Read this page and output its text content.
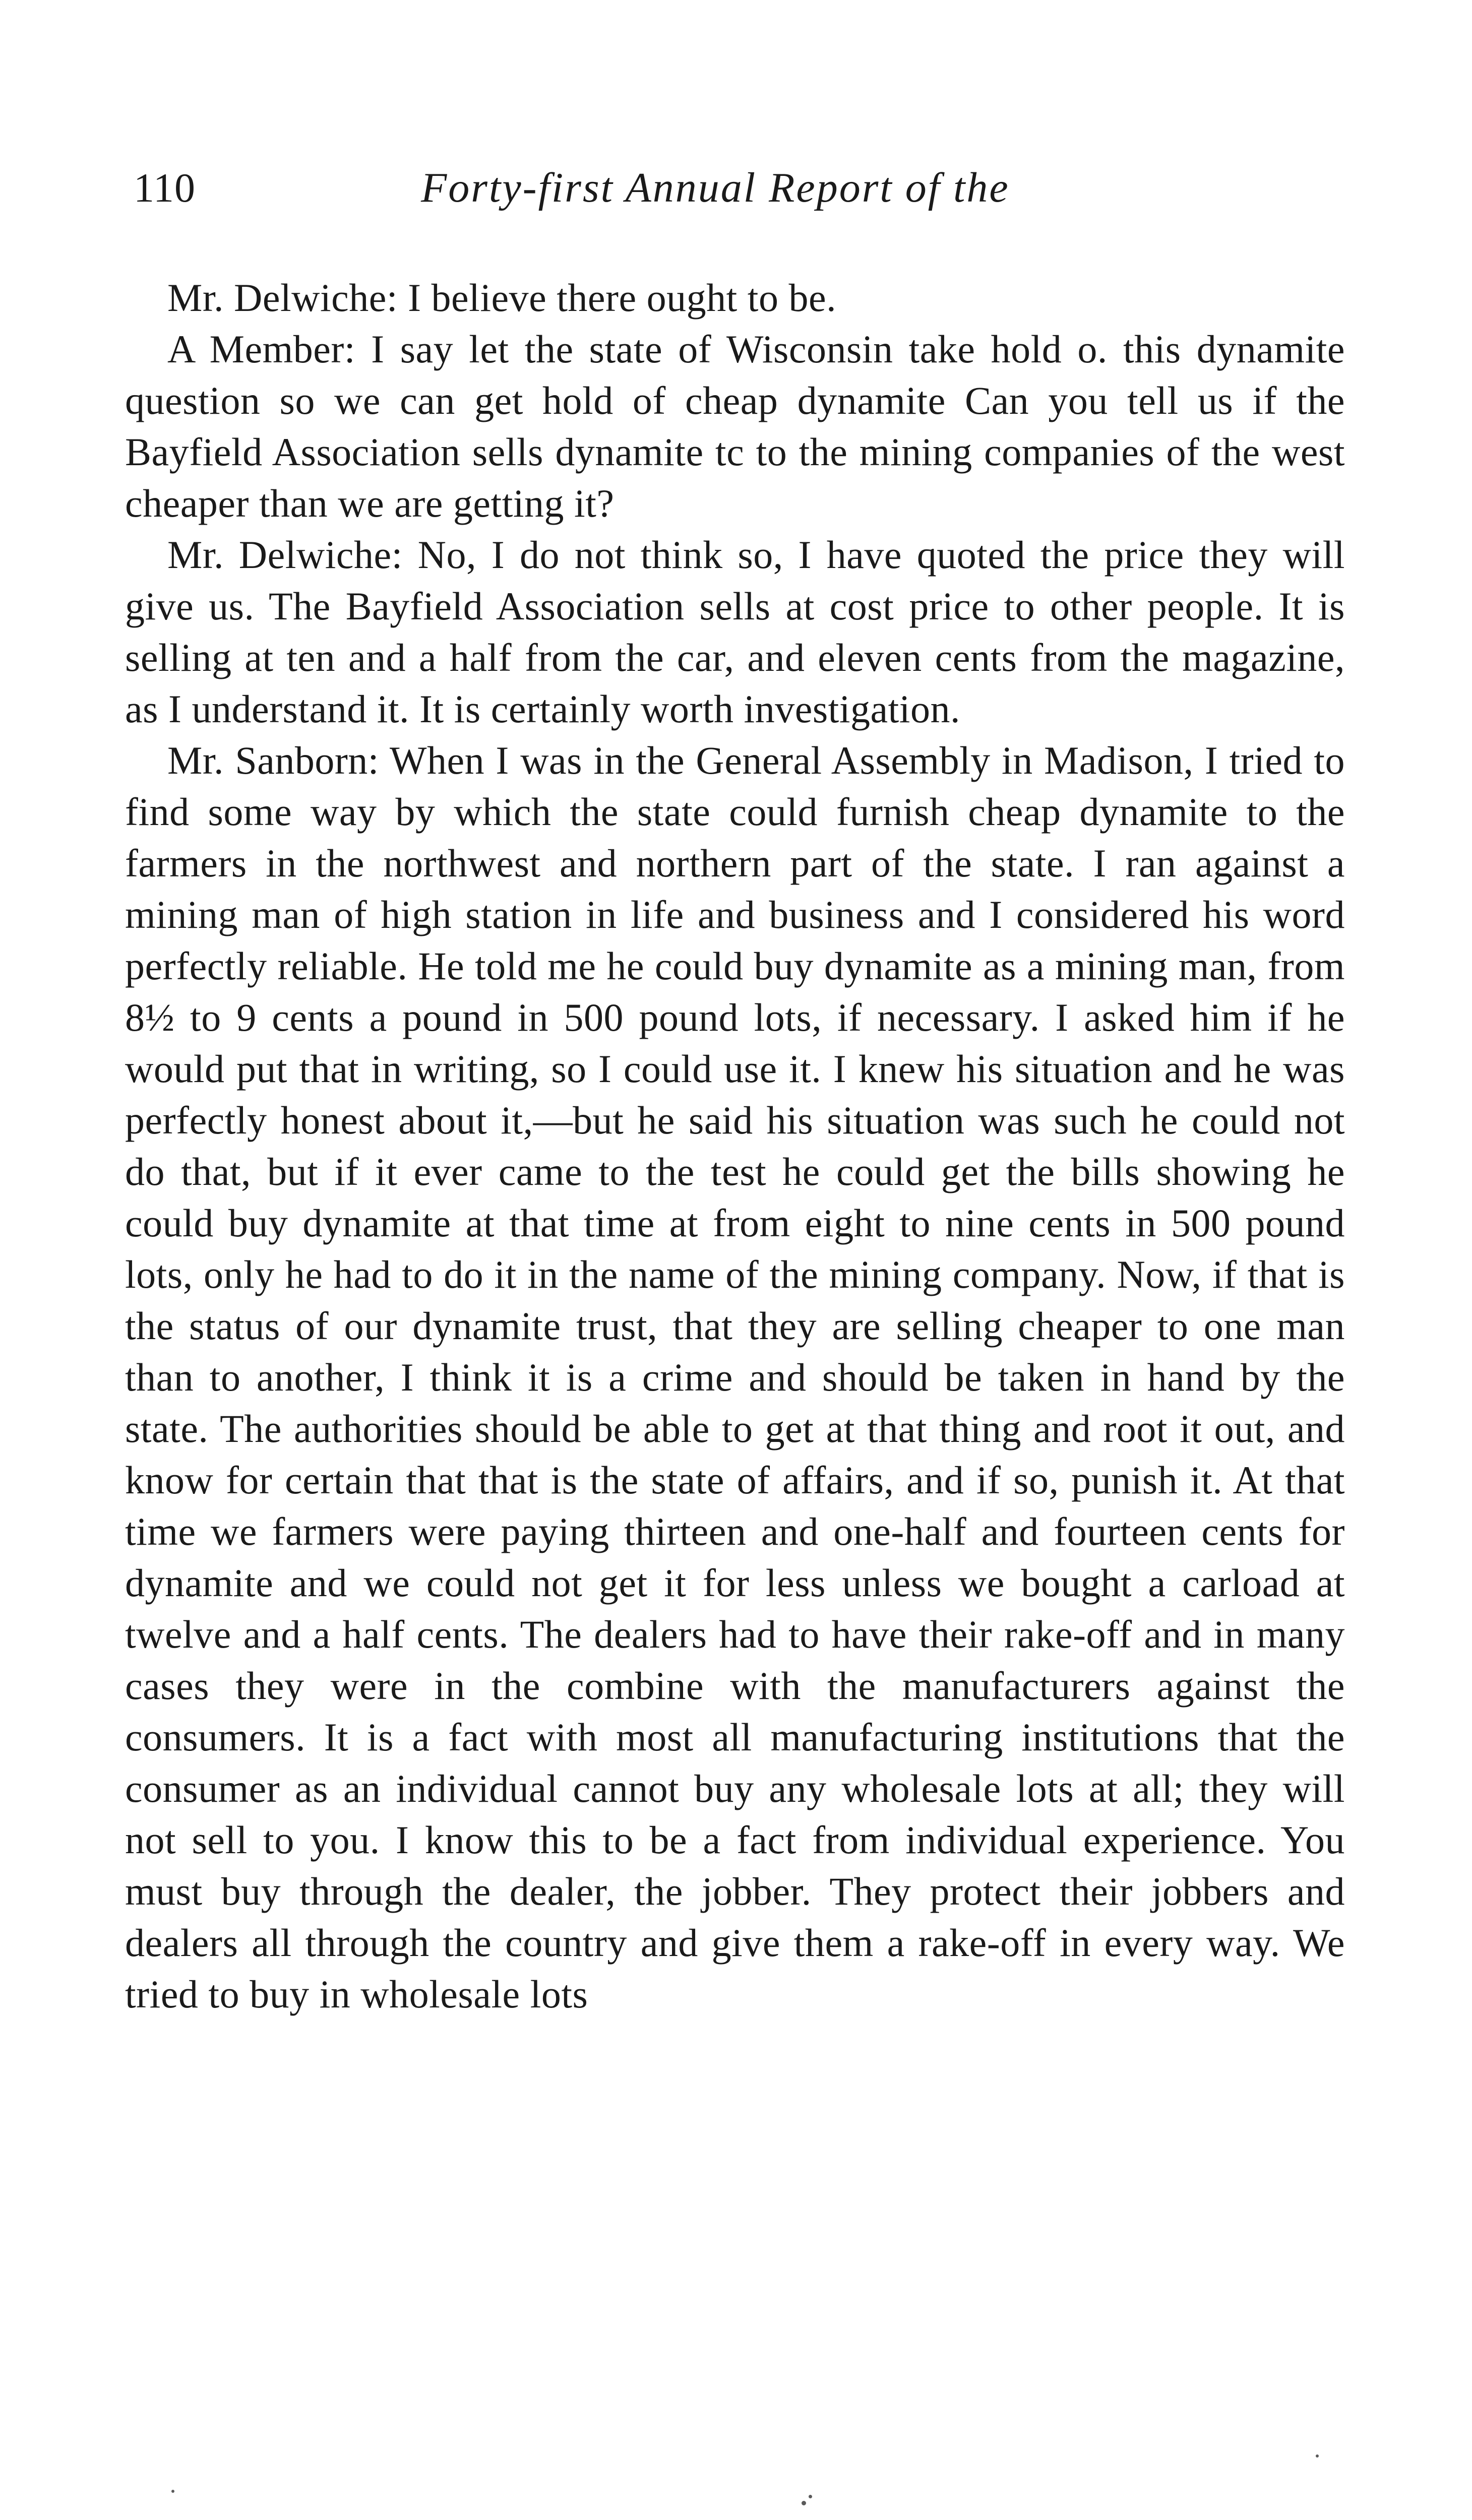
110	Forty-first Annual Report of the

Mr. Delwiche: I believe there ought to be.

A Member: I say let the state of Wisconsin take hold o. this dynamite question so we can get hold of cheap dynamite Can you tell us if the Bayfield Association sells dynamite tc to the mining companies of the west cheaper than we are getting it?

Mr. Delwiche: No, I do not think so, I have quoted the price they will give us. The Bayfield Association sells at cost price to other people. It is selling at ten and a half from the car, and eleven cents from the magazine, as I understand it. It is certainly worth investigation.

Mr. Sanborn: When I was in the General Assembly in Madison, I tried to find some way by which the state could furnish cheap dynamite to the farmers in the northwest and northern part of the state. I ran against a mining man of high station in life and business and I considered his word perfectly reliable. He told me he could buy dynamite as a mining man, from 8½ to 9 cents a pound in 500 pound lots, if necessary. I asked him if he would put that in writing, so I could use it. I knew his situation and he was perfectly honest about it,—but he said his situation was such he could not do that, but if it ever came to the test he could get the bills showing he could buy dynamite at that time at from eight to nine cents in 500 pound lots, only he had to do it in the name of the mining company. Now, if that is the status of our dynamite trust, that they are selling cheaper to one man than to another, I think it is a crime and should be taken in hand by the state. The authorities should be able to get at that thing and root it out, and know for certain that that is the state of affairs, and if so, punish it. At that time we farmers were paying thirteen and one-half and fourteen cents for dynamite and we could not get it for less unless we bought a carload at twelve and a half cents. The dealers had to have their rake-off and in many cases they were in the combine with the manufacturers against the consumers. It is a fact with most all manufacturing institutions that the consumer as an individual cannot buy any wholesale lots at all; they will not sell to you. I know this to be a fact from individual experience. You must buy through the dealer, the jobber. They protect their jobbers and dealers all through the country and give them a rake-off in every way. We tried to buy in wholesale lots
